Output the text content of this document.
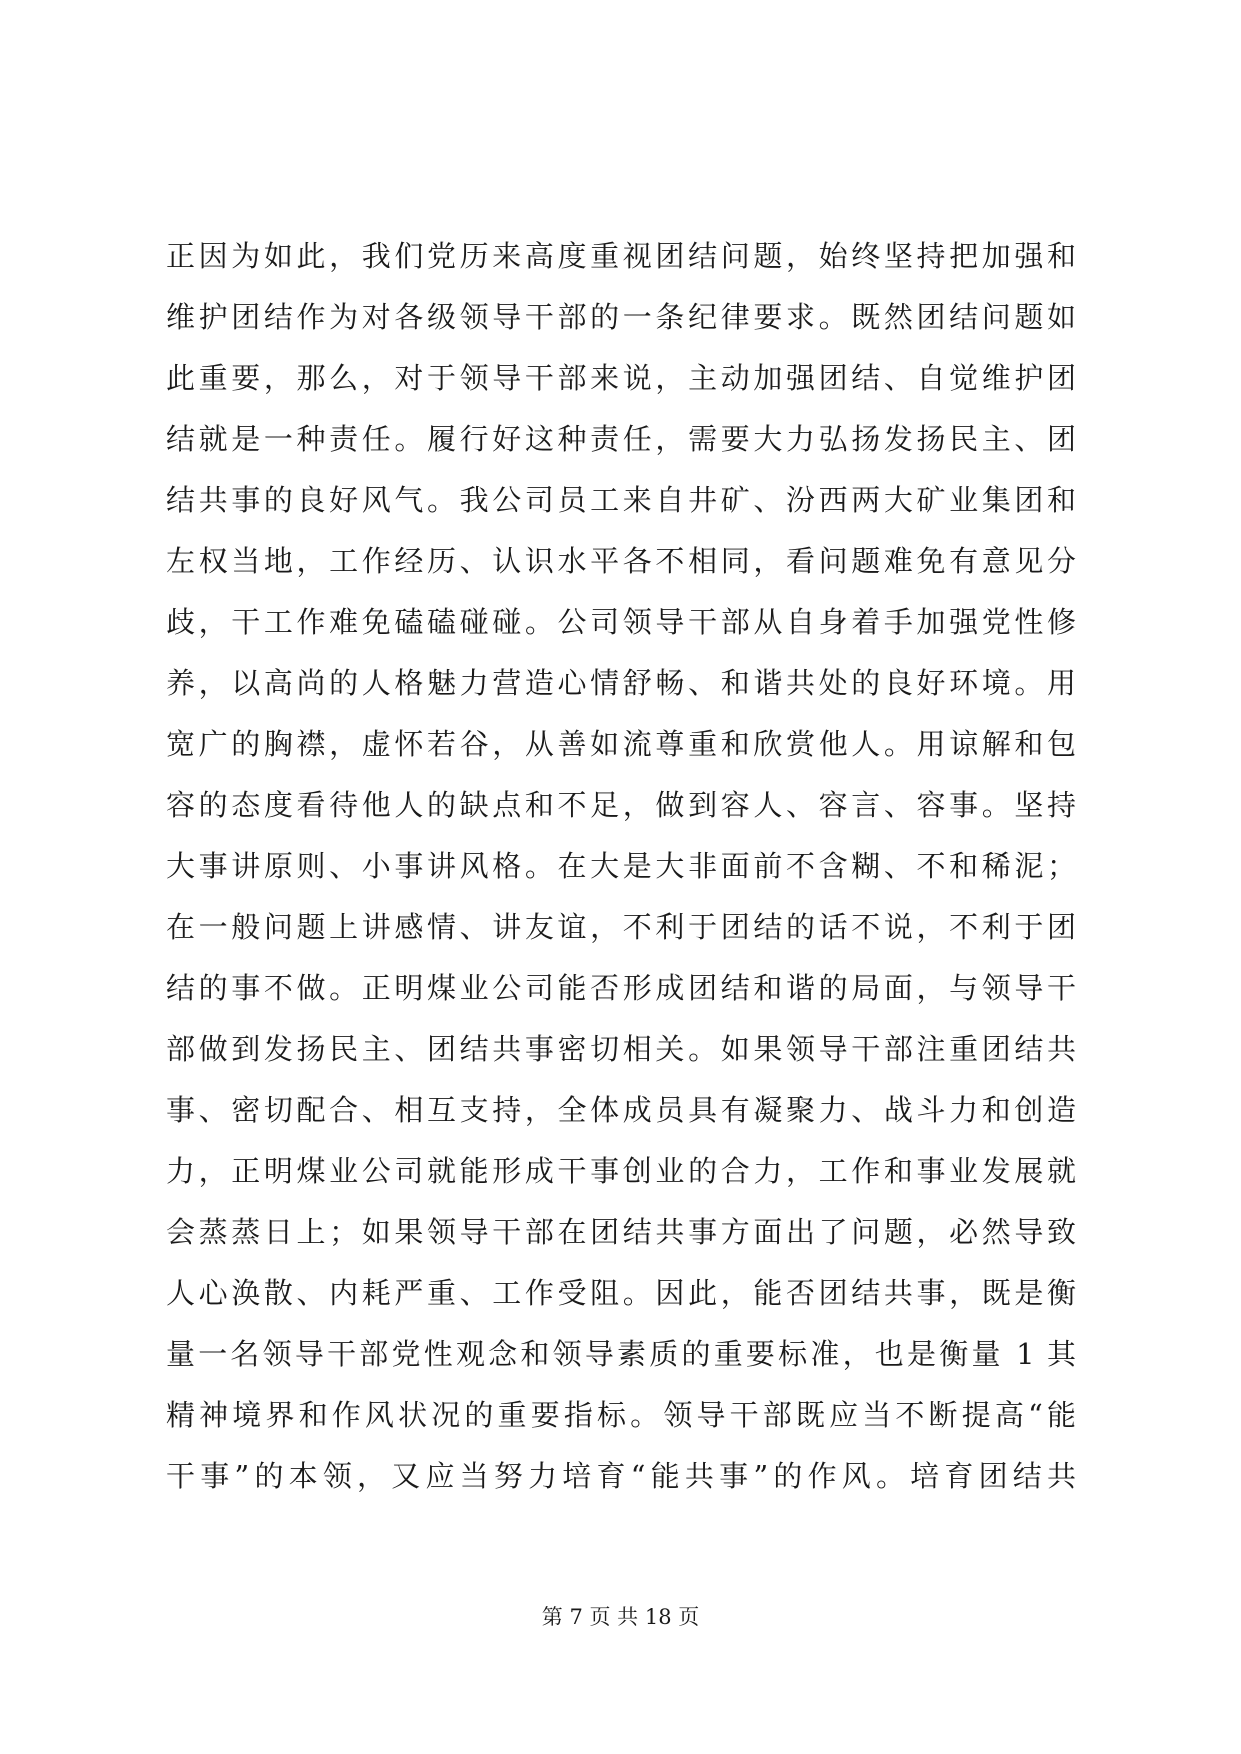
正因为如此，我们党历来高度重视团结问题，始终坚持把加强和
维护团结作为对各级领导干部的一条纪律要求。既然团结问题如
此重要，那么，对于领导干部来说，主动加强团结、自觉维护团
结就是一种责任。履行好这种责任，需要大力弘扬发扬民主、团
结共事的良好风气。我公司员工来自井矿、汾西两大矿业集团和
左权当地，工作经历、认识水平各不相同，看问题难免有意见分
歧，干工作难免磕磕碰碰。公司领导干部从自身着手加强党性修
养，以高尚的人格魅力营造心情舒畅、和谐共处的良好环境。用
宽广的胸襟，虚怀若谷，从善如流尊重和欣赏他人。用谅解和包
容的态度看待他人的缺点和不足，做到容人、容言、容事。坚持
大事讲原则、小事讲风格。在大是大非面前不含糊、不和稀泥；
在一般问题上讲感情、讲友谊，不利于团结的话不说，不利于团
结的事不做。正明煤业公司能否形成团结和谐的局面，与领导干
部做到发扬民主、团结共事密切相关。如果领导干部注重团结共
事、密切配合、相互支持，全体成员具有凝聚力、战斗力和创造
力，正明煤业公司就能形成干事创业的合力，工作和事业发展就
会蒸蒸日上；如果领导干部在团结共事方面出了问题，必然导致
人心涣散、内耗严重、工作受阻。因此，能否团结共事，既是衡
量一名领导干部党性观念和领导素质的重要标准，也是衡量 1 其
精神境界和作风状况的重要指标。领导干部既应当不断提高“能
干事”的本领，又应当努力培育“能共事”的作风。培育团结共
第 7 页 共 18 页
